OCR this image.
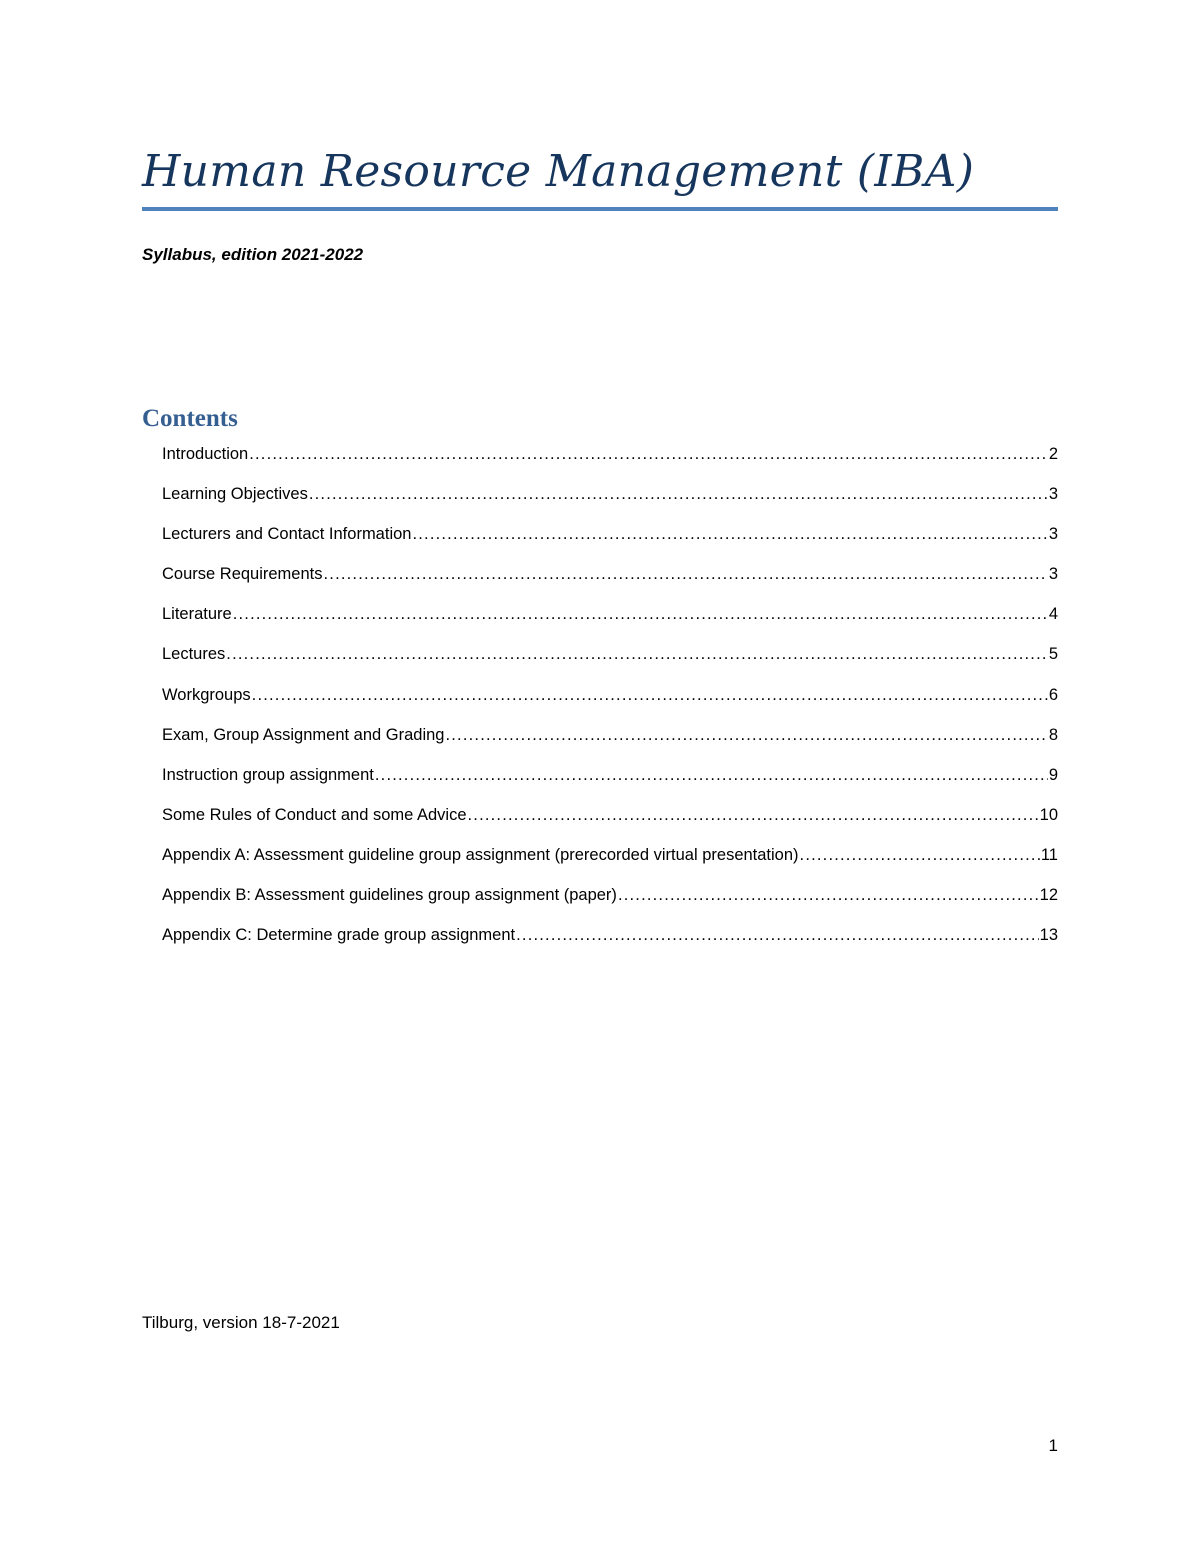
Human Resource Management (IBA)

Syllabus, edition 2021-2022

Contents
Introduction .....	2
Learning Objectives .....	3
Lecturers and Contact Information .....	3
Course Requirements .....	3
Literature .....	4
Lectures .....	5
Workgroups .....	6
Exam, Group Assignment and Grading .....	8
Instruction group assignment .....	9
Some Rules of Conduct and some Advice .....	10
Appendix A: Assessment guideline group assignment (prerecorded virtual presentation) .....	11
Appendix B: Assessment guidelines group assignment (paper) .....	12
Appendix C: Determine grade group assignment .....	13

Tilburg, version 18-7-2021

1
